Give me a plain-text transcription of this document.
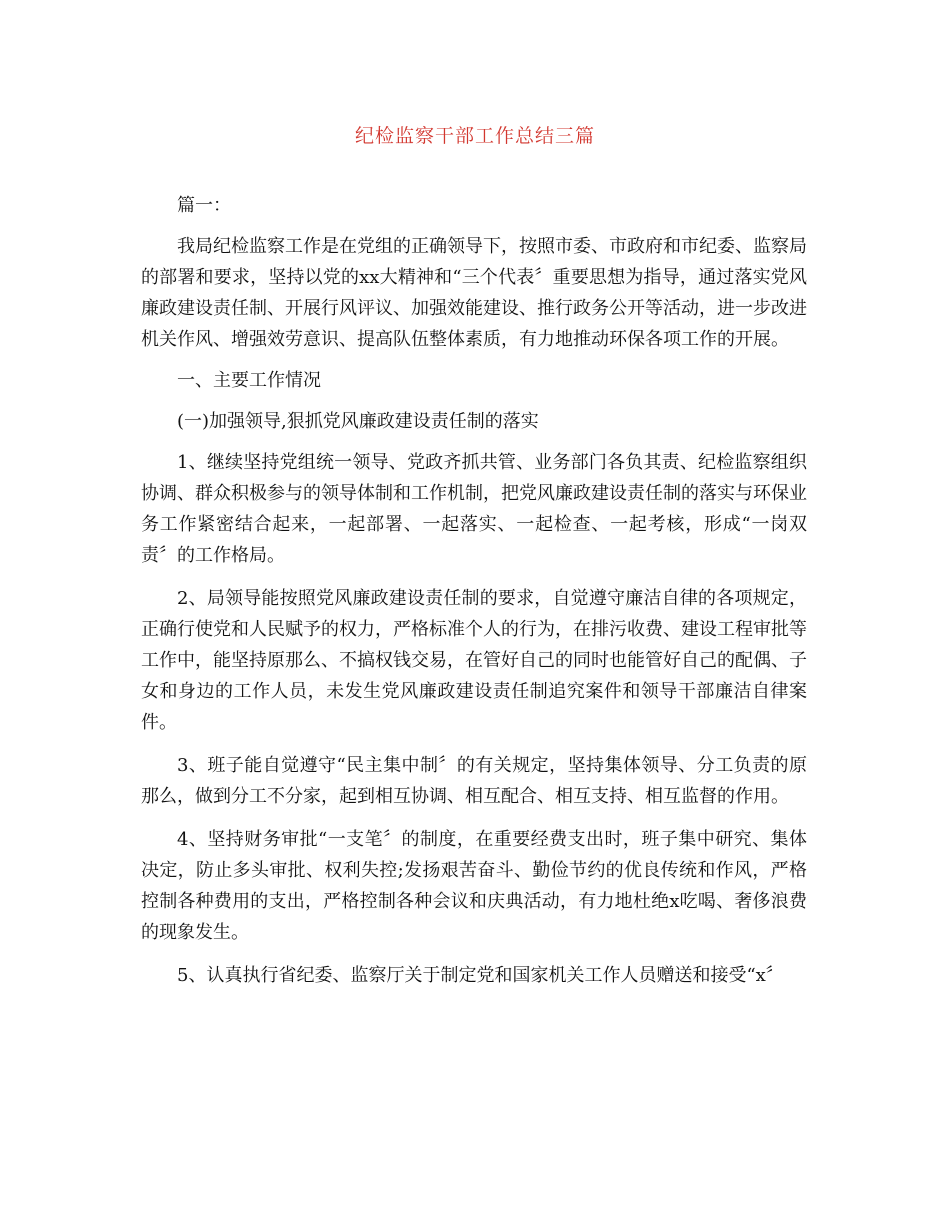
纪检监察干部工作总结三篇

篇一：

我局纪检监察工作是在党组的正确领导下，按照市委、市政府和市纪委、监察局的部署和要求，坚持以党的xx大精神和“三个代表〞重要思想为指导，通过落实党风廉政建设责任制、开展行风评议、加强效能建设、推行政务公开等活动，进一步改进机关作风、增强效劳意识、提高队伍整体素质，有力地推动环保各项工作的开展。

一、主要工作情况

(一)加强领导,狠抓党风廉政建设责任制的落实

1、继续坚持党组统一领导、党政齐抓共管、业务部门各负其责、纪检监察组织协调、群众积极参与的领导体制和工作机制，把党风廉政建设责任制的落实与环保业务工作紧密结合起来，一起部署、一起落实、一起检查、一起考核，形成“一岗双责〞的工作格局。

2、局领导能按照党风廉政建设责任制的要求，自觉遵守廉洁自律的各项规定，正确行使党和人民赋予的权力，严格标准个人的行为，在排污收费、建设工程审批等工作中，能坚持原那么、不搞权钱交易，在管好自己的同时也能管好自己的配偶、子女和身边的工作人员，未发生党风廉政建设责任制追究案件和领导干部廉洁自律案件。

3、班子能自觉遵守“民主集中制〞的有关规定，坚持集体领导、分工负责的原那么，做到分工不分家，起到相互协调、相互配合、相互支持、相互监督的作用。

4、坚持财务审批“一支笔〞的制度，在重要经费支出时，班子集中研究、集体决定，防止多头审批、权利失控;发扬艰苦奋斗、勤俭节约的优良传统和作风，严格控制各种费用的支出，严格控制各种会议和庆典活动，有力地杜绝x吃喝、奢侈浪费的现象发生。

5、认真执行省纪委、监察厅关于制定党和国家机关工作人员赠送和接受“x〞
